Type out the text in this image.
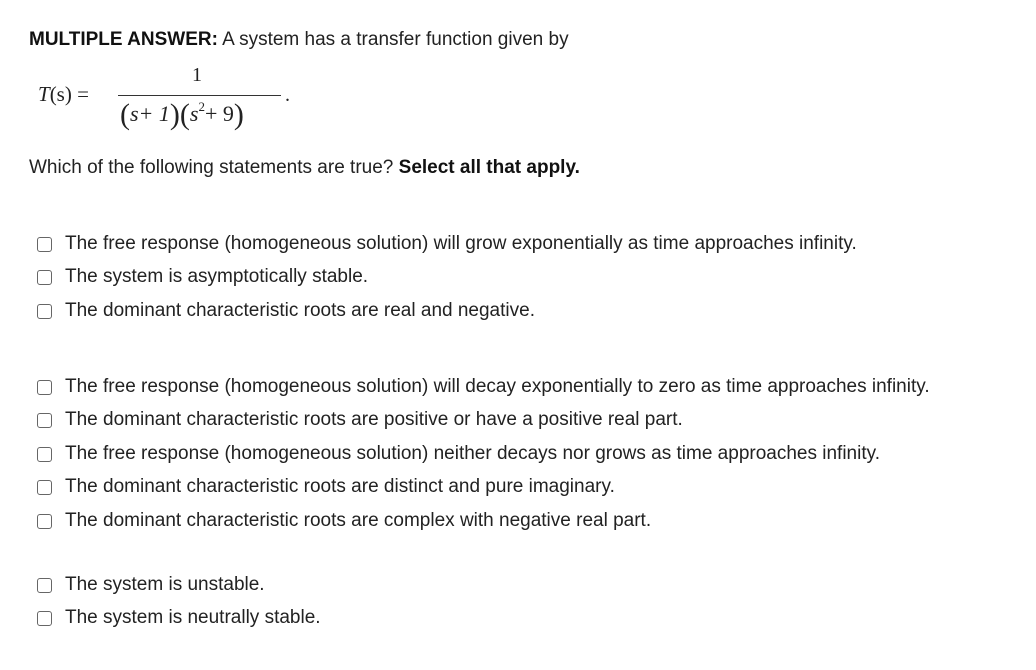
MULTIPLE ANSWER: A system has a transfer function given by
T(s) =
1
$(s+ 1)(s^2+ 9)$
.
Which of the following statements are true? Select all that apply.
The free response (homogeneous solution) will grow exponentially as time approaches infinity.
The system is asymptotically stable.
The dominant characteristic roots are real and negative.
The free response (homogeneous solution) will decay exponentially to zero as time approaches infinity.
The dominant characteristic roots are positive or have a positive real part.
The free response (homogeneous solution) neither decays nor grows as time approaches infinity.
The dominant characteristic roots are distinct and pure imaginary.
The dominant characteristic roots are complex with negative real part.
The system is unstable.
The system is neutrally stable.
